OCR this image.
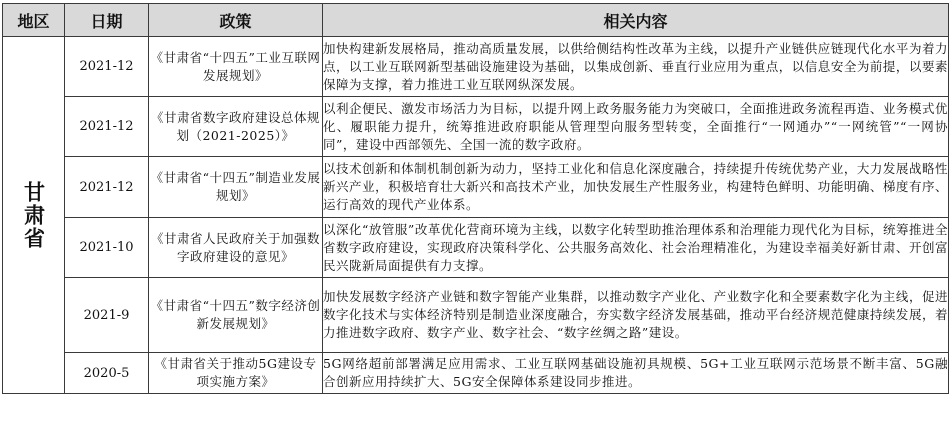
地区	日期	政策	相关内容
甘肃省	2021-12	《甘肃省“十四五”工业互联网发展规划》	加快构建新发展格局，推动高质量发展，以供给侧结构性改革为主线，以提升产业链供应链现代化水平为着力点，以工业互联网新型基础设施建设为基础，以集成创新、垂直行业应用为重点，以信息安全为前提，以要素保障为支撑，着力推进工业互联网纵深发展。
	2021-12	《甘肃省数字政府建设总体规划（2021-2025）》	以利企便民、激发市场活力为目标，以提升网上政务服务能力为突破口，全面推进政务流程再造、业务模式优化、履职能力提升，统筹推进政府职能从管理型向服务型转变，全面推行“一网通办”“一网统管”“一网协同”，建设中西部领先、全国一流的数字政府。
	2021-12	《甘肃省“十四五”制造业发展规划》	以技术创新和体制机制创新为动力，坚持工业化和信息化深度融合，持续提升传统优势产业，大力发展战略性新兴产业，积极培育壮大新兴和高技术产业，加快发展生产性服务业，构建特色鲜明、功能明确、梯度有序、运行高效的现代产业体系。
	2021-10	《甘肃省人民政府关于加强数字政府建设的意见》	以深化“放管服”改革优化营商环境为主线，以数字化转型助推治理体系和治理能力现代化为目标，统筹推进全省数字政府建设，实现政府决策科学化、公共服务高效化、社会治理精准化，为建设幸福美好新甘肃、开创富民兴陇新局面提供有力支撑。
	2021-9	《甘肃省“十四五”数字经济创新发展规划》	加快发展数字经济产业链和数字智能产业集群，以推动数字产业化、产业数字化和全要素数字化为主线，促进数字化技术与实体经济特别是制造业深度融合，夯实数字经济发展基础，推动平台经济规范健康持续发展，着力推进数字政府、数字产业、数字社会、“数字丝绸之路”建设。
	2020-5	《甘肃省关于推动5G建设专项实施方案》	5G网络超前部署满足应用需求、工业互联网基础设施初具规模、5G+工业互联网示范场景不断丰富、5G融合创新应用持续扩大、5G安全保障体系建设同步推进。
